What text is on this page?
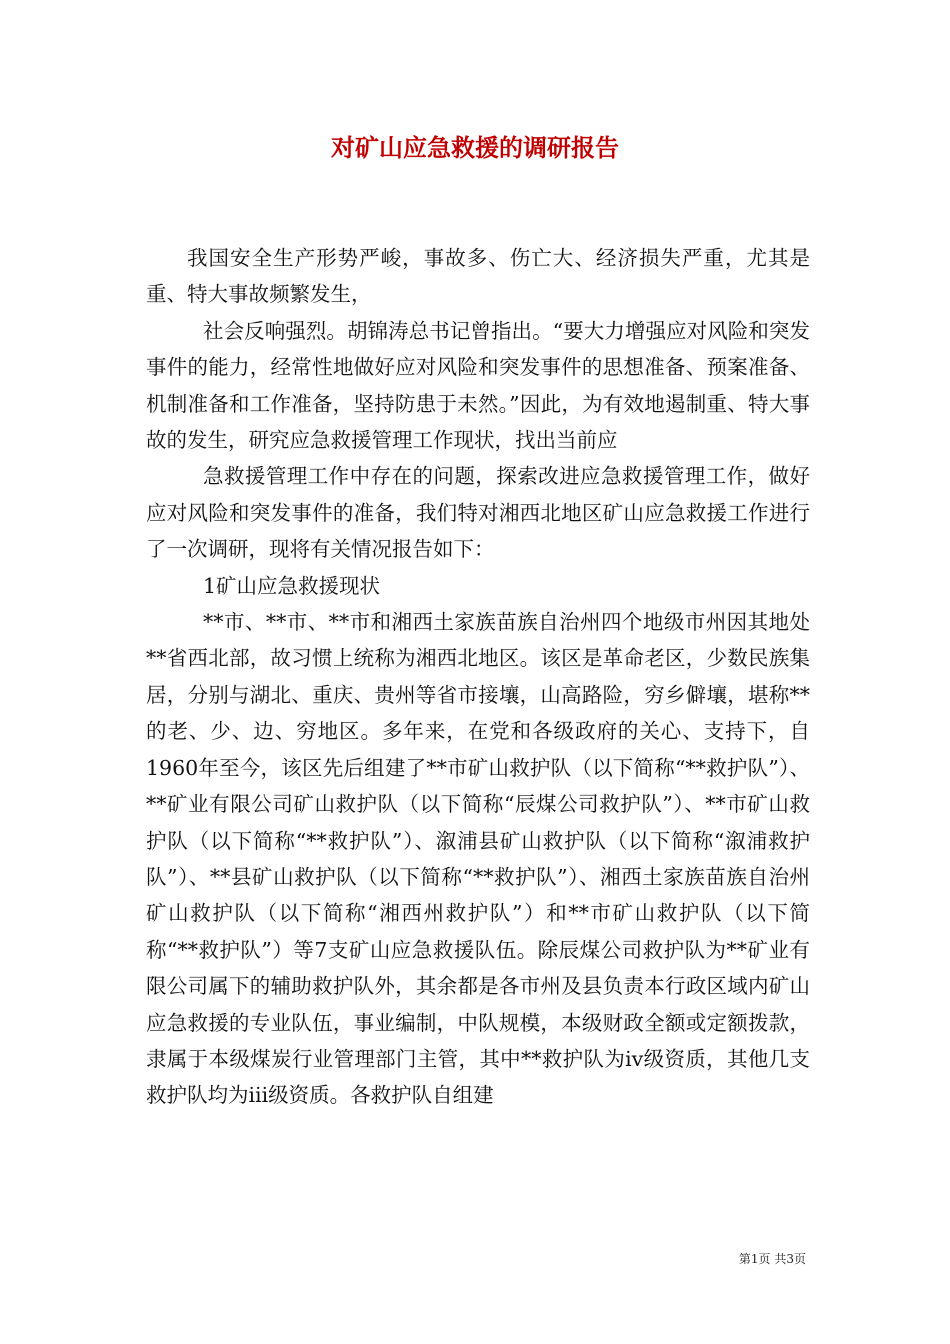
对矿山应急救援的调研报告

我国安全生产形势严峻，事故多、伤亡大、经济损失严重，尤其是重、特大事故频繁发生，

社会反响强烈。胡锦涛总书记曾指出。“要大力增强应对风险和突发事件的能力，经常性地做好应对风险和突发事件的思想准备、预案准备、机制准备和工作准备，坚持防患于未然。”因此，为有效地遏制重、特大事故的发生，研究应急救援管理工作现状，找出当前应

急救援管理工作中存在的问题，探索改进应急救援管理工作，做好应对风险和突发事件的准备，我们特对湘西北地区矿山应急救援工作进行了一次调研，现将有关情况报告如下：

1矿山应急救援现状

**市、**市、**市和湘西土家族苗族自治州四个地级市州因其地处**省西北部，故习惯上统称为湘西北地区。该区是革命老区，少数民族集居，分别与湖北、重庆、贵州等省市接壤，山高路险，穷乡僻壤，堪称**的老、少、边、穷地区。多年来，在党和各级政府的关心、支持下，自1960年至今，该区先后组建了**市矿山救护队（以下简称“**救护队”）、**矿业有限公司矿山救护队（以下简称“辰煤公司救护队”）、**市矿山救护队（以下简称“**救护队”）、溆浦县矿山救护队（以下简称“溆浦救护队”）、**县矿山救护队（以下简称“**救护队”）、湘西土家族苗族自治州矿山救护队（以下简称“湘西州救护队”）和**市矿山救护队（以下简称“**救护队”）等7支矿山应急救援队伍。除辰煤公司救护队为**矿业有限公司属下的辅助救护队外，其余都是各市州及县负责本行政区域内矿山应急救援的专业队伍，事业编制，中队规模，本级财政全额或定额拨款，隶属于本级煤炭行业管理部门主管，其中**救护队为ⅳ级资质，其他几支救护队均为ⅲ级资质。各救护队自组建

第1页 共3页
